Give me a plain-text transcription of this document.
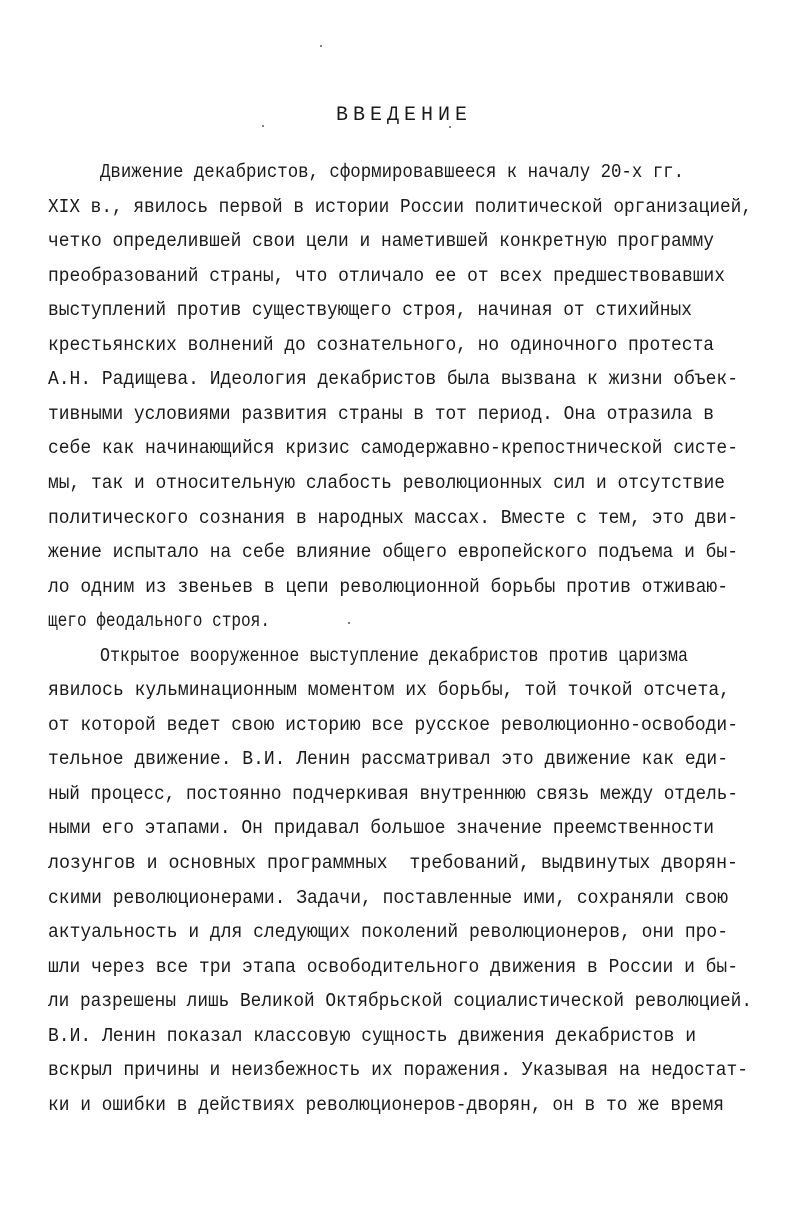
ВВЕДЕНИЕ
Движение декабристов, сформировавшееся к началу 20-х гг.
XIX в., явилось первой в истории России политической организацией,
четко определившей свои цели и наметившей конкретную программу
преобразований страны, что отличало ее от всех предшествовавших
выступлений против существующего строя, начиная от стихийных
крестьянских волнений до сознательного, но одиночного протеста
А.Н. Радищева. Идеология декабристов была вызвана к жизни объек-
тивными условиями развития страны в тот период. Она отразила в
себе как начинающийся кризис самодержавно-крепостнической систе-
мы, так и относительную слабость революционных сил и отсутствие
политического сознания в народных массах. Вместе с тем, это дви-
жение испытало на себе влияние общего европейского подъема и бы-
ло одним из звеньев в цепи революционной борьбы против отживаю-
щего феодального строя.
Открытое вооруженное выступление декабристов против царизма
явилось кульминационным моментом их борьбы, той точкой отсчета,
от которой ведет свою историю все русское революционно-освободи-
тельное движение. В.И. Ленин рассматривал это движение как еди-
ный процесс, постоянно подчеркивая внутреннюю связь между отдель-
ными его этапами. Он придавал большое значение преемственности
лозунгов и основных программных  требований, выдвинутых дворян-
скими революционерами. Задачи, поставленные ими, сохраняли свою
актуальность и для следующих поколений революционеров, они про-
шли через все три этапа освободительного движения в России и бы-
ли разрешены лишь Великой Октябрьской социалистической революцией.
В.И. Ленин показал классовую сущность движения декабристов и
вскрыл причины и неизбежность их поражения. Указывая на недостат-
ки и ошибки в действиях революционеров-дворян, он в то же время
